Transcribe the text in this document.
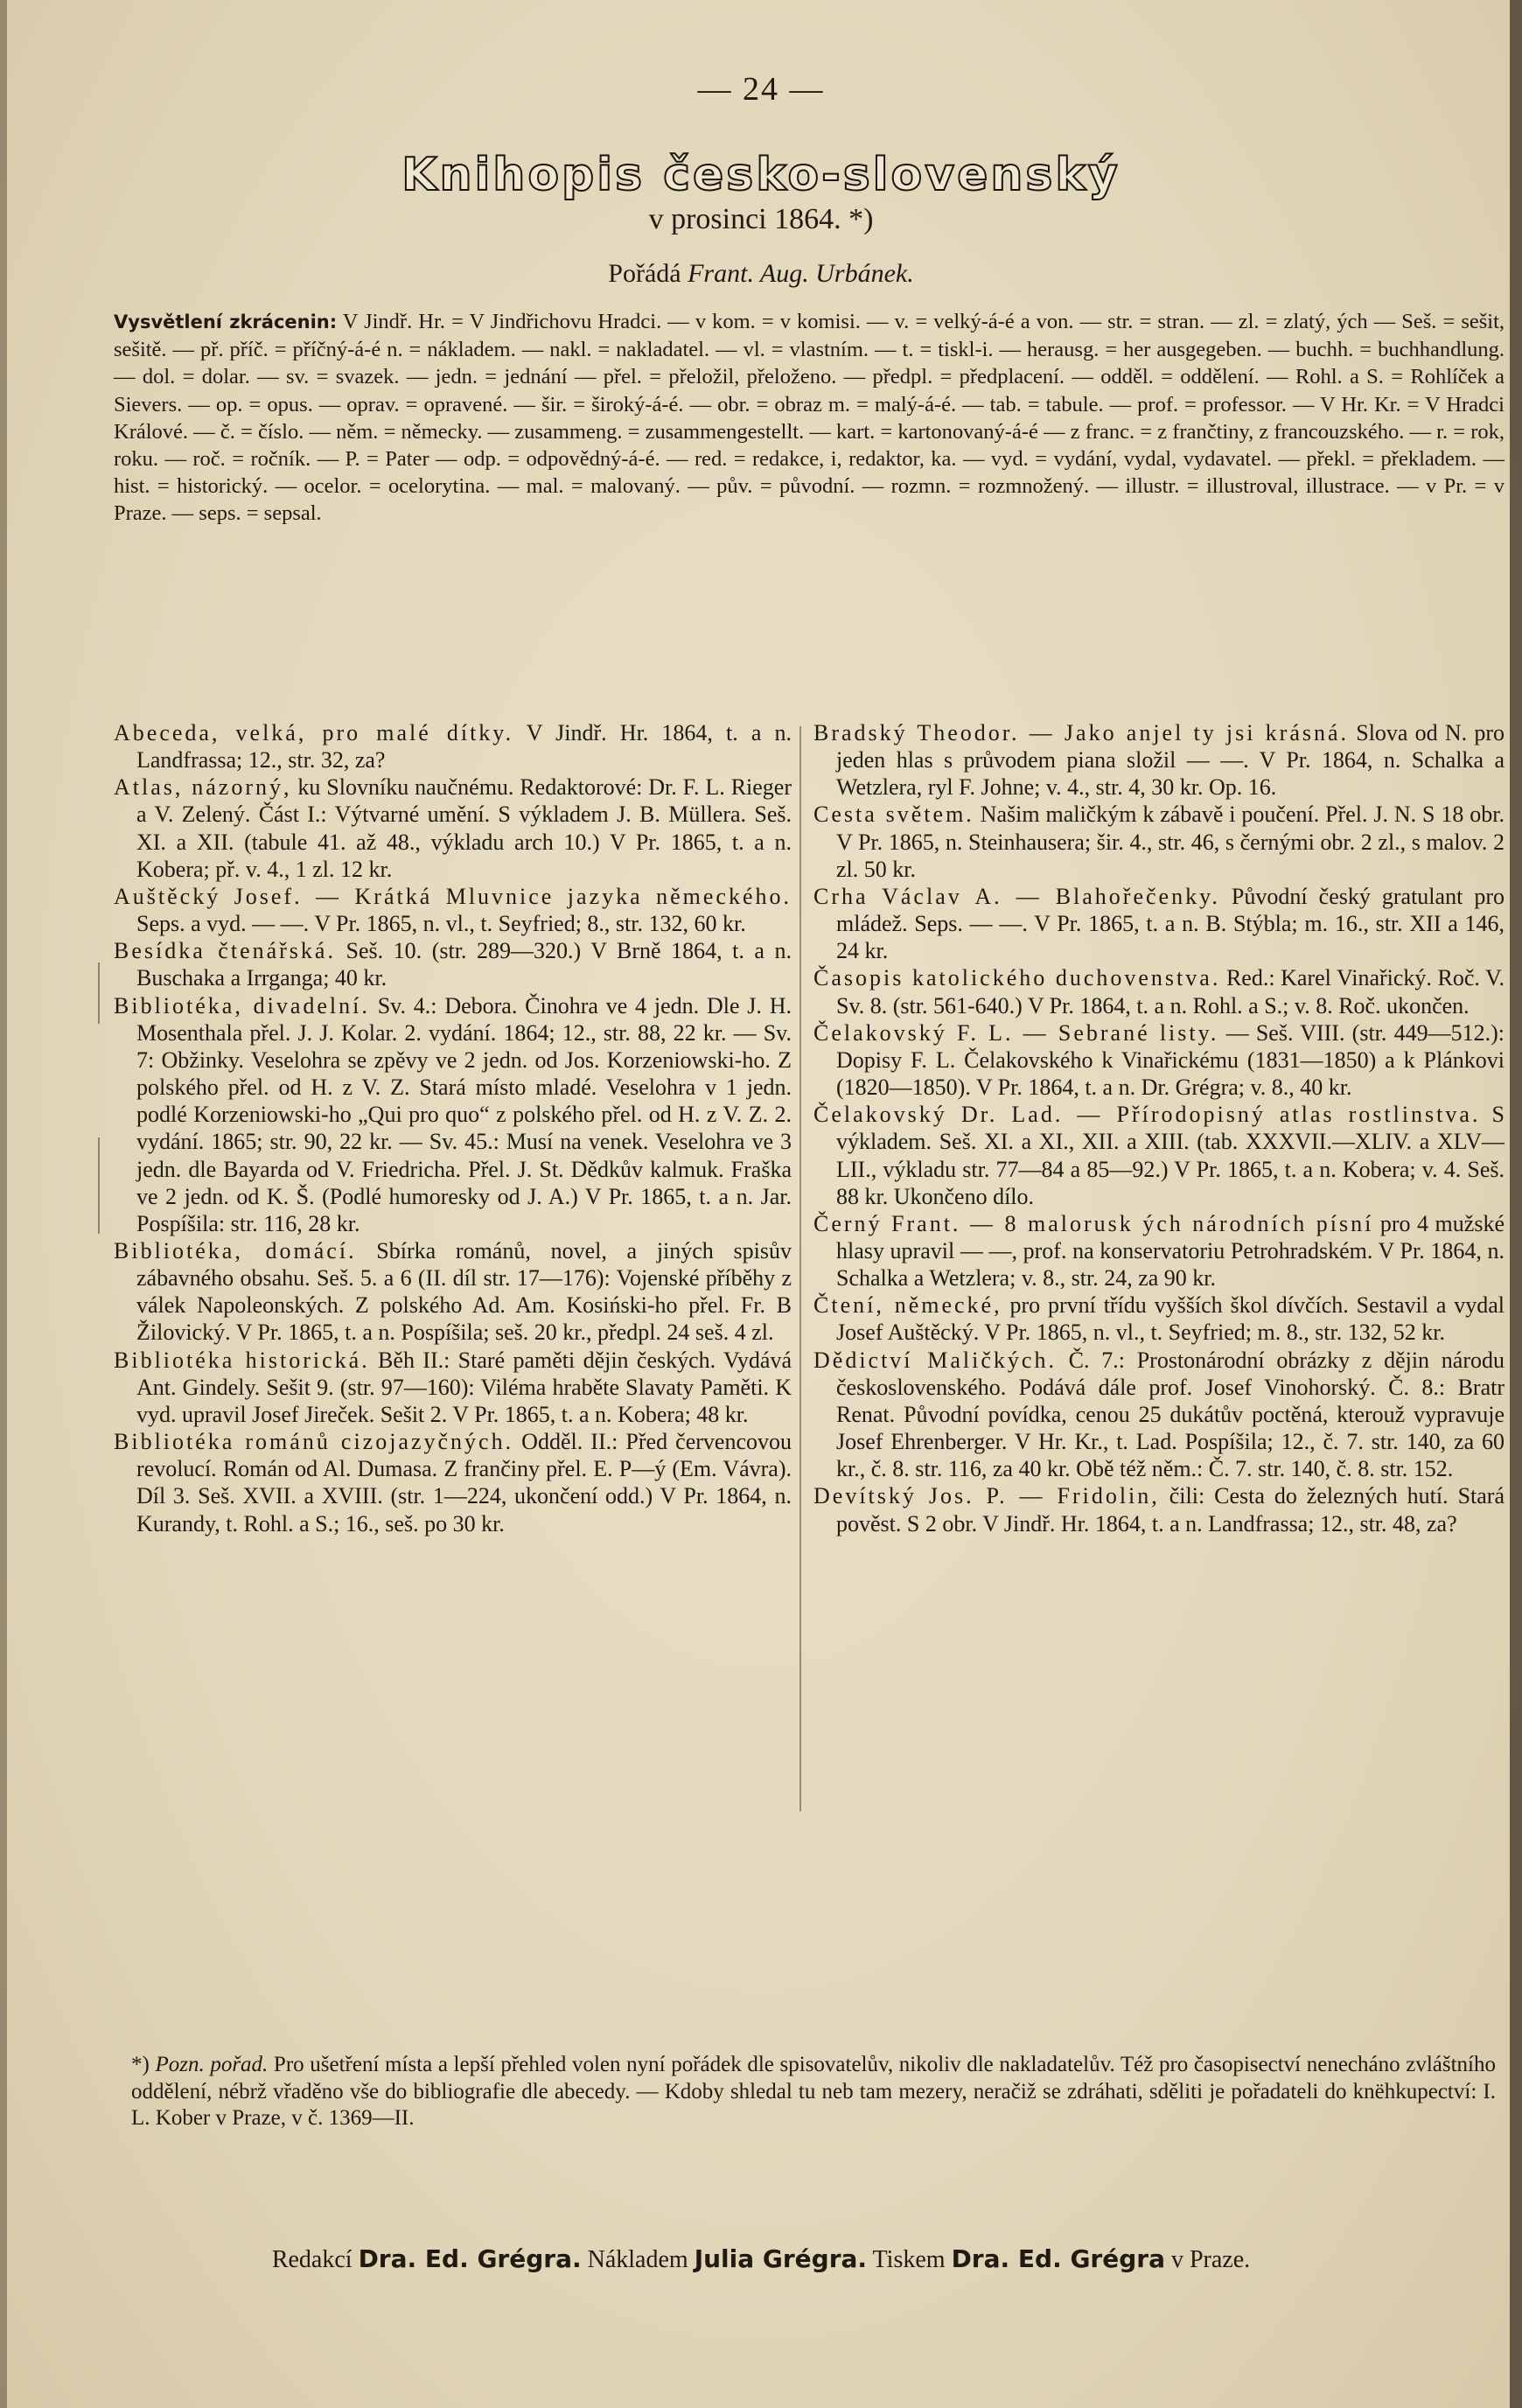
— 24 —
Knihopis česko-slovenský
v prosinci 1864. *)
Pořádá Frant. Aug. Urbánek.
Vysvětlení zkrácenin: V Jindř. Hr. = V Jindřichovu Hradci. — v kom. = v komisi. — v. = velký-á-é a von. — str. = stran. — zl. = zlatý, ých — Seš. = sešit, sešitě. — př. příč. = příčný-á-é n. = nákladem. — nakl. = nakladatel. — vl. = vlastním. — t. = tiskl-i. — herausg. = her ausgegeben. — buchh. = buchhandlung. — dol. = dolar. — sv. = svazek. — jedn. = jednání — přel. = přeložil, přeloženo. — předpl. = předplacení. — odděl. = oddělení. — Rohl. a S. = Rohlíček a Sievers. — op. = opus. — oprav. = opravené. — šir. = široký-á-é. — obr. = obraz m. = malý-á-é. — tab. = tabule. — prof. = professor. — V Hr. Kr. = V Hradci Králové. — č. = číslo. — něm. = německy. — zusammeng. = zusammengestellt. — kart. = kartonovaný-á-é — z franc. = z frančtiny, z francouzského. — r. = rok, roku. — roč. = ročník. — P. = Pater — odp. = odpovědný-á-é. — red. = redakce, i, redaktor, ka. — vyd. = vydání, vydal, vydavatel. — překl. = překladem. — hist. = historický. — ocelor. = ocelorytina. — mal. = malovaný. — pův. = původní. — rozmn. = rozmnožený. — illustr. = illustroval, illustrace. — v Pr. = v Praze. — seps. = sepsal.

Abeceda, velká, pro malé dítky. V Jindř. Hr. 1864, t. a n. Landfrassa; 12., str. 32, za?

Atlas, názorný, ku Slovníku naučnému. Redaktorové: Dr. F. L. Rieger a V. Zelený. Část I.: Výtvarné umění. S výkladem J. B. Müllera. Seš. XI. a XII. (tabule 41. až 48., výkladu arch 10.) V Pr. 1865, t. a n. Kobera; př. v. 4., 1 zl. 12 kr.

Auštěcký Josef. — Krátká Mluvnice jazyka německého. Seps. a vyd. — —. V Pr. 1865, n. vl., t. Seyfried; 8., str. 132, 60 kr.

Besídka čtenářská. Seš. 10. (str. 289—320.) V Brně 1864, t. a n. Buschaka a Irrganga; 40 kr.

Bibliotéka, divadelní. Sv. 4.: Debora. Činohra ve 4 jedn. Dle J. H. Mosenthala přel. J. J. Kolar. 2. vydání. 1864; 12., str. 88, 22 kr. — Sv. 7: Obžinky. Veselohra se zpěvy ve 2 jedn. od Jos. Korzeniowski-ho. Z polského přel. od H. z V. Z. Stará místo mladé. Veselohra v 1 jedn. podlé Korzeniowski-ho „Qui pro quo“ z polského přel. od H. z V. Z. 2. vydání. 1865; str. 90, 22 kr. — Sv. 45.: Musí na venek. Veselohra ve 3 jedn. dle Bayarda od V. Friedricha. Přel. J. St. Dědkův kalmuk. Fraška ve 2 jedn. od K. Š. (Podlé humoresky od J. A.) V Pr. 1865, t. a n. Jar. Pospíšila: str. 116, 28 kr.

Bibliotéka, domácí. Sbírka románů, novel, a jiných spisův zábavného obsahu. Seš. 5. a 6 (II. díl str. 17—176): Vojenské příběhy z válek Napoleonských. Z polského Ad. Am. Kosiński-ho přel. Fr. B Žilovický. V Pr. 1865, t. a n. Pospíšila; seš. 20 kr., předpl. 24 seš. 4 zl.

Bibliotéka historická. Běh II.: Staré paměti dějin českých. Vydává Ant. Gindely. Sešit 9. (str. 97—160): Viléma hraběte Slavaty Paměti. K vyd. upravil Josef Jireček. Sešit 2. V Pr. 1865, t. a n. Kobera; 48 kr.

Bibliotéka románů cizojazyčných. Odděl. II.: Před červencovou revolucí. Román od Al. Dumasa. Z frančiny přel. E. P—ý (Em. Vávra). Díl 3. Seš. XVII. a XVIII. (str. 1—224, ukončení odd.) V Pr. 1864, n. Kurandy, t. Rohl. a S.; 16., seš. po 30 kr.

Bradský Theodor. — Jako anjel ty jsi krásná. Slova od N. pro jeden hlas s průvodem piana složil — —. V Pr. 1864, n. Schalka a Wetzlera, ryl F. Johne; v. 4., str. 4, 30 kr. Op. 16.

Cesta světem. Našim maličkým k zábavě i poučení. Přel. J. N. S 18 obr. V Pr. 1865, n. Steinhausera; šir. 4., str. 46, s černými obr. 2 zl., s malov. 2 zl. 50 kr.

Crha Václav A. — Blahořečenky. Původní český gratulant pro mládež. Seps. — —. V Pr. 1865, t. a n. B. Stýbla; m. 16., str. XII a 146, 24 kr.

Časopis katolického duchovenstva. Red.: Karel Vinařický. Roč. V. Sv. 8. (str. 561-640.) V Pr. 1864, t. a n. Rohl. a S.; v. 8. Roč. ukončen.

Čelakovský F. L. — Sebrané listy. — Seš. VIII. (str. 449—512.): Dopisy F. L. Čelakovského k Vinařickému (1831—1850) a k Plánkovi (1820—1850). V Pr. 1864, t. a n. Dr. Grégra; v. 8., 40 kr.

Čelakovský Dr. Lad. — Přírodopisný atlas rostlinstva. S výkladem. Seš. XI. a XI., XII. a XIII. (tab. XXXVII.—XLIV. a XLV—LII., výkladu str. 77—84 a 85—92.) V Pr. 1865, t. a n. Kobera; v. 4. Seš. 88 kr. Ukončeno dílo.

Černý Frant. — 8 malorusk ých národních písní pro 4 mužské hlasy upravil — —, prof. na konservatoriu Petrohradském. V Pr. 1864, n. Schalka a Wetzlera; v. 8., str. 24, za 90 kr.

Čtení, německé, pro první třídu vyšších škol dívčích. Sestavil a vydal Josef Auštěcký. V Pr. 1865, n. vl., t. Seyfried; m. 8., str. 132, 52 kr.

Dědictví Maličkých. Č. 7.: Prostonárodní obrázky z dějin národu československého. Podává dále prof. Josef Vinohorský. Č. 8.: Bratr Renat. Původní povídka, cenou 25 dukátův poctěná, kterouž vypravuje Josef Ehrenberger. V Hr. Kr., t. Lad. Pospíšila; 12., č. 7. str. 140, za 60 kr., č. 8. str. 116, za 40 kr. Obě též něm.: Č. 7. str. 140, č. 8. str. 152.

Devítský Jos. P. — Fridolin, čili: Cesta do železných hutí. Stará pověst. S 2 obr. V Jindř. Hr. 1864, t. a n. Landfrassa; 12., str. 48, za?

*) Pozn. pořad. Pro ušetření místa a lepší přehled volen nyní pořádek dle spisovatelův, nikoliv dle nakladatelův. Též pro časopisectví nenecháno zvláštního oddělení, nébrž vřaděno vše do bibliografie dle abecedy. — Kdoby shledal tu neb tam mezery, neračiž se zdráhati, sděliti je pořadateli do knëhkupectví: I. L. Kober v Praze, v č. 1369—II.
Redakcí Dra. Ed. Grégra. Nákladem Julia Grégra. Tiskem Dra. Ed. Grégra v Praze.
